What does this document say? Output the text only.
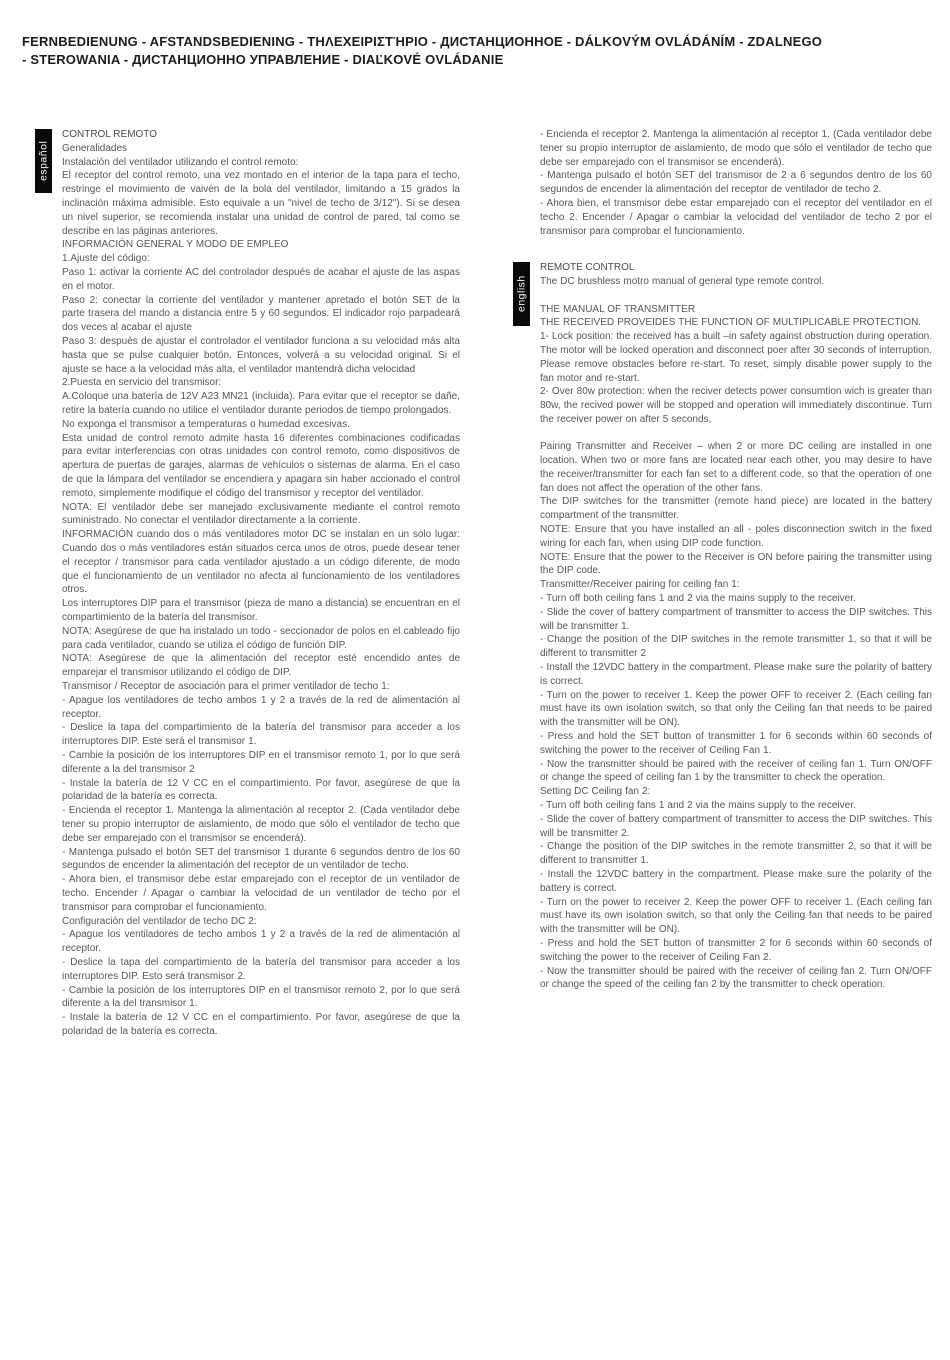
FERNBEDIENUNG - AFSTANDSBEDIENING - ΤΗΛΕΧΕΙΡΙΣΤΉΡΙΟ - ДИСТАНЦИОННОЕ - DÁLKOVÝM OVLÁDÁNÍM - ZDALNEGO
- STEROWANIA - ДИСТАНЦИОННО УПРАВЛЕНИЕ - DIAĽKOVÉ OVLÁDANIE
español

CONTROL REMOTO

Generalidades

Instalación del ventilador utilizando el control remoto:

El receptor del control remoto, una vez montado en el interior de la tapa para el techo, restringe el movimiento de vaivén de la bola del ventilador, limitando a 15 grados la inclinación máxima admisible. Esto equivale a un "nivel de techo de 3/12"). Si se desea un nivel superior, se recomienda instalar una unidad de control de pared, tal como se describe en las páginas anteriores.

INFORMACIÓN GENERAL Y MODO DE EMPLEO

1.Ajuste del código:

Paso 1: activar la corriente AC del controlador después de acabar el ajuste de las aspas en el motor.

Paso 2: conectar la corriente del ventilador y mantener apretado el botón SET de la parte trasera del mando a distancia entre 5 y 60 segundos. El indicador rojo parpadeará dos veces al acabar el ajuste

Paso 3: después de ajustar el controlador el ventilador funciona a su velocidad más alta hasta que se pulse cualquier botón. Entonces, volverá a su velocidad original. Si el ajuste se hace a la velocidad más alta, el ventilador mantendrá dicha velocidad

2.Puesta en servicio del transmisor:

A.Coloque una batería de 12V A23 MN21 (incluida). Para evitar que el receptor se dañe, retire la batería cuando no utilice el ventilador durante periodos de tiempo prolongados.

No exponga el transmisor a temperaturas o humedad excesivas.

Esta unidad de control remoto admite hasta 16 diferentes combinaciones codificadas para evitar interferencias con otras unidades con control remoto, como dispositivos de apertura de puertas de garajes, alarmas de vehículos o sistemas de alarma. En el caso de que la lámpara del ventilador se encendiera y apagara sin haber accionado el control remoto, simplemente modifique el código del transmisor y receptor del ventilador.

NOTA: El ventilador debe ser manejado exclusivamente mediante el control remoto suministrado. No conectar el ventilador directamente a la corriente.

INFORMACIÓN cuando dos o más ventiladores motor DC se instalan en un solo lugar: Cuando dos o más ventiladores están situados cerca unos de otros, puede desear tener el receptor / transmisor para cada ventilador ajustado a un código diferente, de modo que el funcionamiento de un ventilador no afecta al funcionamiento de los ventiladores otros.

Los interruptores DIP para el transmisor (pieza de mano a distancia) se encuentran en el compartimiento de la batería del transmisor.

NOTA: Asegúrese de que ha instalado un todo - seccionador de polos en el cableado fijo para cada ventilador, cuando se utiliza el código de función DIP.

NOTA: Asegúrese de que la alimentación del receptor esté encendido antes de emparejar el transmisor utilizando el código de DIP.

Transmisor / Receptor de asociación para el primer ventilador de techo 1:

- Apague los ventiladores de techo ambos 1 y 2 a través de la red de alimentación al receptor.

- Deslice la tapa del compartimiento de la batería del transmisor para acceder a los interruptores DIP. Este será el transmisor 1.

- Cambie la posición de los interruptores DIP en el transmisor remoto 1, por lo que será diferente a la del transmisor 2

- Instale la batería de 12 V CC en el compartimiento. Por favor, asegúrese de que la polaridad de la batería es correcta.

- Encienda el receptor 1. Mantenga la alimentación al receptor 2. (Cada ventilador debe tener su propio interruptor de aislamiento, de modo que sólo el ventilador de techo que debe ser emparejado con el transmisor se encenderá).

- Mantenga pulsado el botón SET del transmisor 1 durante 6 segundos dentro de los 60 segundos de encender la alimentación del receptor de un ventilador de techo.

- Ahora bien, el transmisor debe estar emparejado con el receptor de un ventilador de techo. Encender / Apagar o cambiar la velocidad de un ventilador de techo por el transmisor para comprobar el funcionamiento.

Configuración del ventilador de techo DC 2:

- Apague los ventiladores de techo ambos 1 y 2 a través de la red de alimentación al receptor.

- Deslice la tapa del compartimiento de la batería del transmisor para acceder a los interruptores DIP. Esto será transmisor 2.

- Cambie la posición de los interruptores DIP en el transmisor remoto 2, por lo que será diferente a la del transmisor 1.

- Instale la batería de 12 V CC en el compartimiento. Por favor, asegúrese de que la polaridad de la batería es correcta.

- Encienda el receptor 2. Mantenga la alimentación al receptor 1. (Cada ventilador debe tener su propio interruptor de aislamiento, de modo que sólo el ventilador de techo que debe ser emparejado con el transmisor se encenderá).

- Mantenga pulsado el botón SET del transmisor de 2 a 6 segundos dentro de los 60 segundos de encender la alimentación del receptor de ventilador de techo 2.

- Ahora bien, el transmisor debe estar emparejado con el receptor del ventilador en el techo 2. Encender / Apagar o cambiar la velocidad del ventilador de techo 2 por el transmisor para comprobar el funcionamiento.

english

REMOTE CONTROL

The DC brushless motro manual of general type remote control.

THE MANUAL OF TRANSMITTER

THE RECEIVED PROVEIDES THE FUNCTION OF MULTIPLICABLE PROTECTION.

1- Lock position: the received has a built –in safety against obstruction during operation. The motor will be locked operation and disconnect poer after 30 seconds of interruption. Please remove obstacles before re-start. To reset, simply disable power supply to the fan motor and re-start.

2- Over 80w protection: when the reciver detects power consumtion wich is greater than 80w, the recived power will be stopped and operation will immediately discontinue. Turn the receiver power on after 5 seconds,

Pairing Transmitter and Receiver – when 2 or more DC ceiling are installed in one location. When two or more fans are located near each other, you may desire to have the receiver/transmitter for each fan set to a different code, so that the operation of one fan does not affect the operation of the other fans.

The DIP switches for the transmitter (remote hand piece) are located in the battery compartment of the transmitter.

NOTE: Ensure that you have installed an all - poles disconnection switch in the fixed wiring for each fan, when using DIP code function.

NOTE: Ensure that the power to the Receiver is ON before pairing the transmitter using the DIP code.

Transmitter/Receiver pairing for ceiling fan 1:

- Turn off both ceiling fans 1 and 2 via the mains supply to the receiver.

- Slide the cover of battery compartment of transmitter to access the DIP switches. This will be transmitter 1.

- Change the position of the DIP switches in the remote transmitter 1, so that it will be different to transmitter 2

- Install the 12VDC battery in the compartment. Please make sure the polarity of battery is correct.

- Turn on the power to receiver 1. Keep the power OFF to receiver 2. (Each ceiling fan must have its own isolation switch, so that only the Ceiling fan that needs to be paired with the transmitter will be ON).

- Press and hold the SET button of transmitter 1 for 6 seconds within 60 seconds of switching the power to the receiver of Ceiling Fan 1.

- Now the transmitter should be paired with the receiver of ceiling fan 1. Turn ON/OFF or change the speed of ceiling fan 1 by the transmitter to check the operation.

Setting DC Ceiling fan 2:

- Turn off both ceiling fans 1 and 2 via the mains supply to the receiver.

- Slide the cover of battery compartment of transmitter to access the DIP switches. This will be transmitter 2.

- Change the position of the DIP switches in the remote transmitter 2, so that it will be different to transmitter 1.

- Install the 12VDC battery in the compartment. Please make sure the polarity of the battery is correct.

- Turn on the power to receiver 2. Keep the power OFF to receiver 1. (Each ceiling fan must have its own isolation switch, so that only the Ceiling fan that needs to be paired with the transmitter will be ON).

- Press and hold the SET button of transmitter 2 for 6 seconds within 60 seconds of switching the power to the receiver of Ceiling Fan 2.

- Now the transmitter should be paired with the receiver of ceiling fan 2. Turn ON/OFF or change the speed of the ceiling fan 2 by the transmitter to check operation.
